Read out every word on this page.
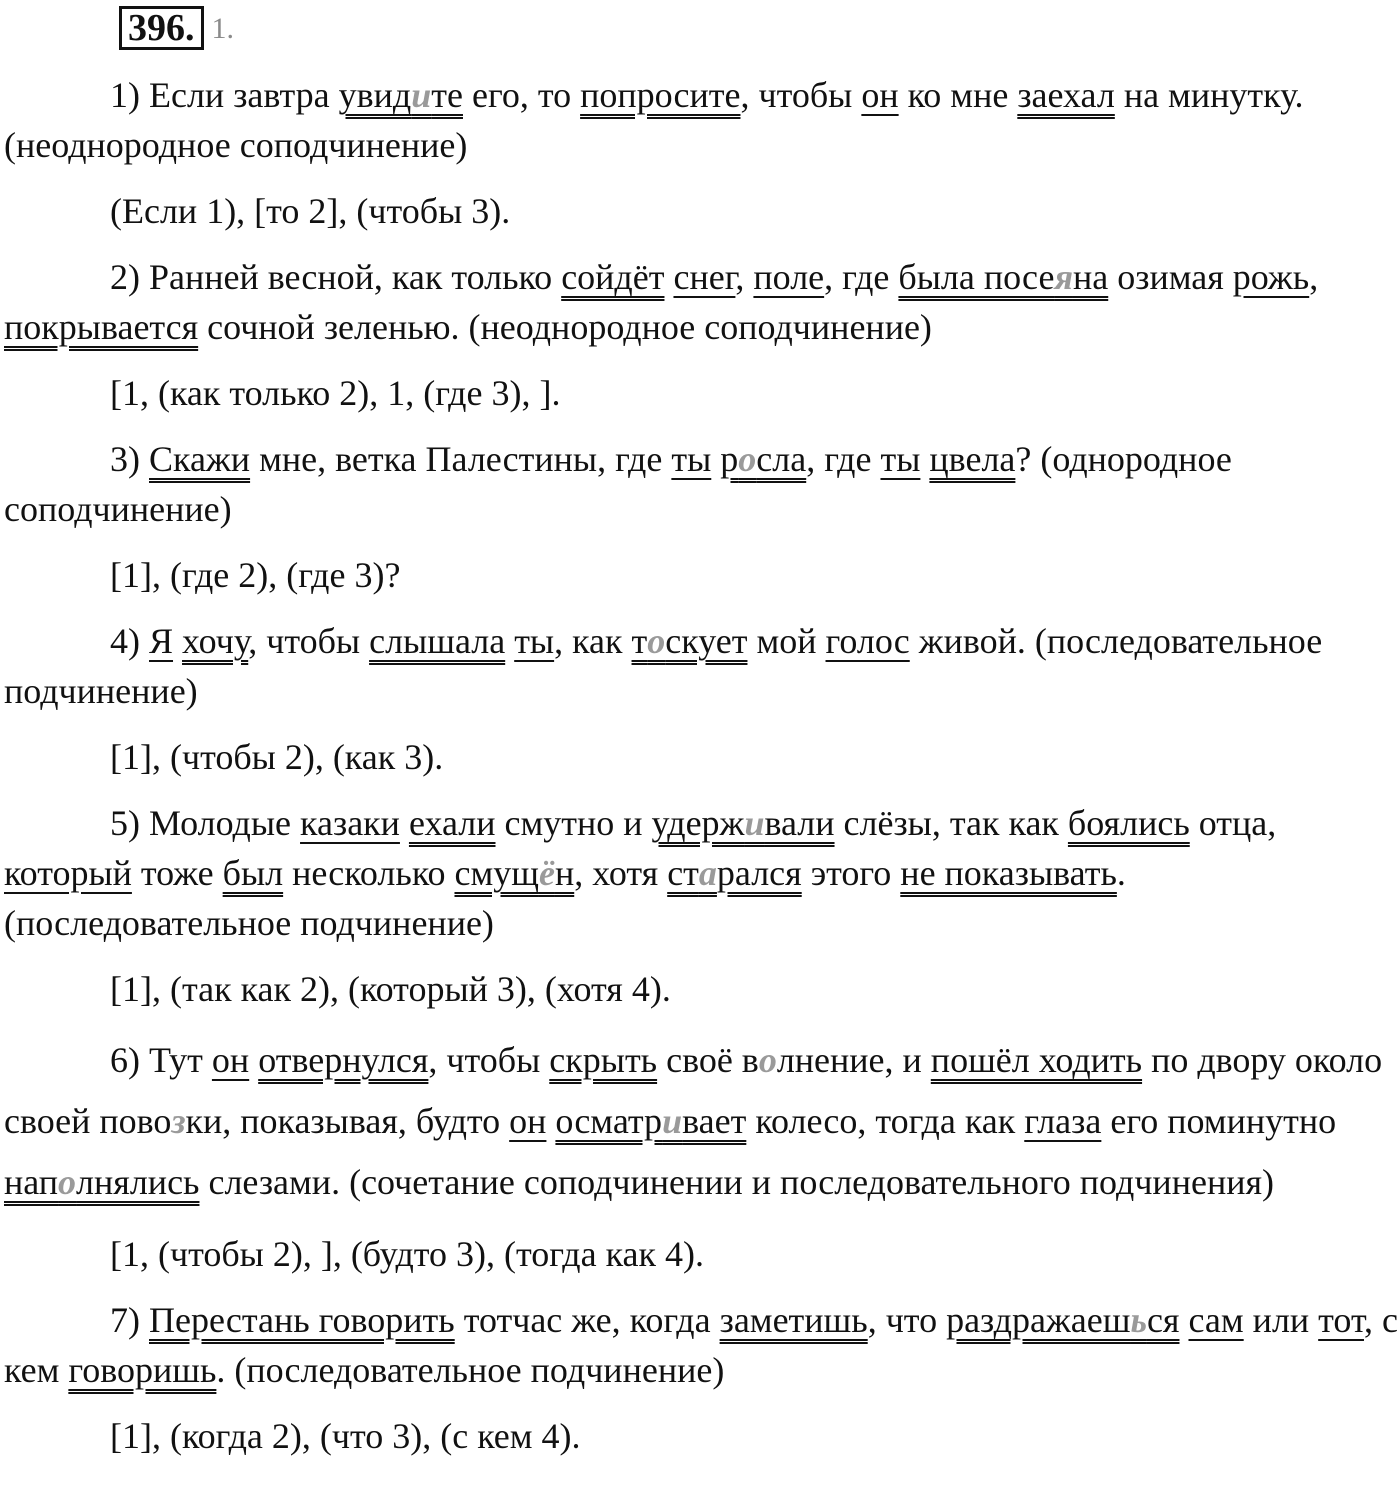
396. 1.

1) Если завтра увидите его, то попросите, чтобы он ко мне заехал на минутку. (неоднородное соподчинение)

(Если 1), [то 2], (чтобы 3).

2) Ранней весной, как только сойдёт снег, поле, где была посеяна озимая рожь, покрывается сочной зеленью. (неоднородное соподчинение)

[1, (как только 2), 1, (где 3), ].

3) Скажи мне, ветка Палестины, где ты росла, где ты цвела? (однородное соподчинение)

[1], (где 2), (где 3)?

4) Я хочу, чтобы слышала ты, как тоскует мой голос живой. (последовательное подчинение)

[1], (чтобы 2), (как 3).

5) Молодые казаки ехали смутно и удерживали слёзы, так как боялись отца, который тоже был несколько смущён, хотя старался этого не показывать. (последовательное подчинение)

[1], (так как 2), (который 3), (хотя 4).

6) Тут он отвернулся, чтобы скрыть своё волнение, и пошёл ходить по двору около своей повозки, показывая, будто он осматривает колесо, тогда как глаза его поминутно наполнялись слезами. (сочетание соподчинении и последовательного подчинения)

[1, (чтобы 2), ], (будто 3), (тогда как 4).

7) Перестань говорить тотчас же, когда заметишь, что раздражаешься сам или тот, с кем говоришь. (последовательное подчинение)

[1], (когда 2), (что 3), (с кем 4).
